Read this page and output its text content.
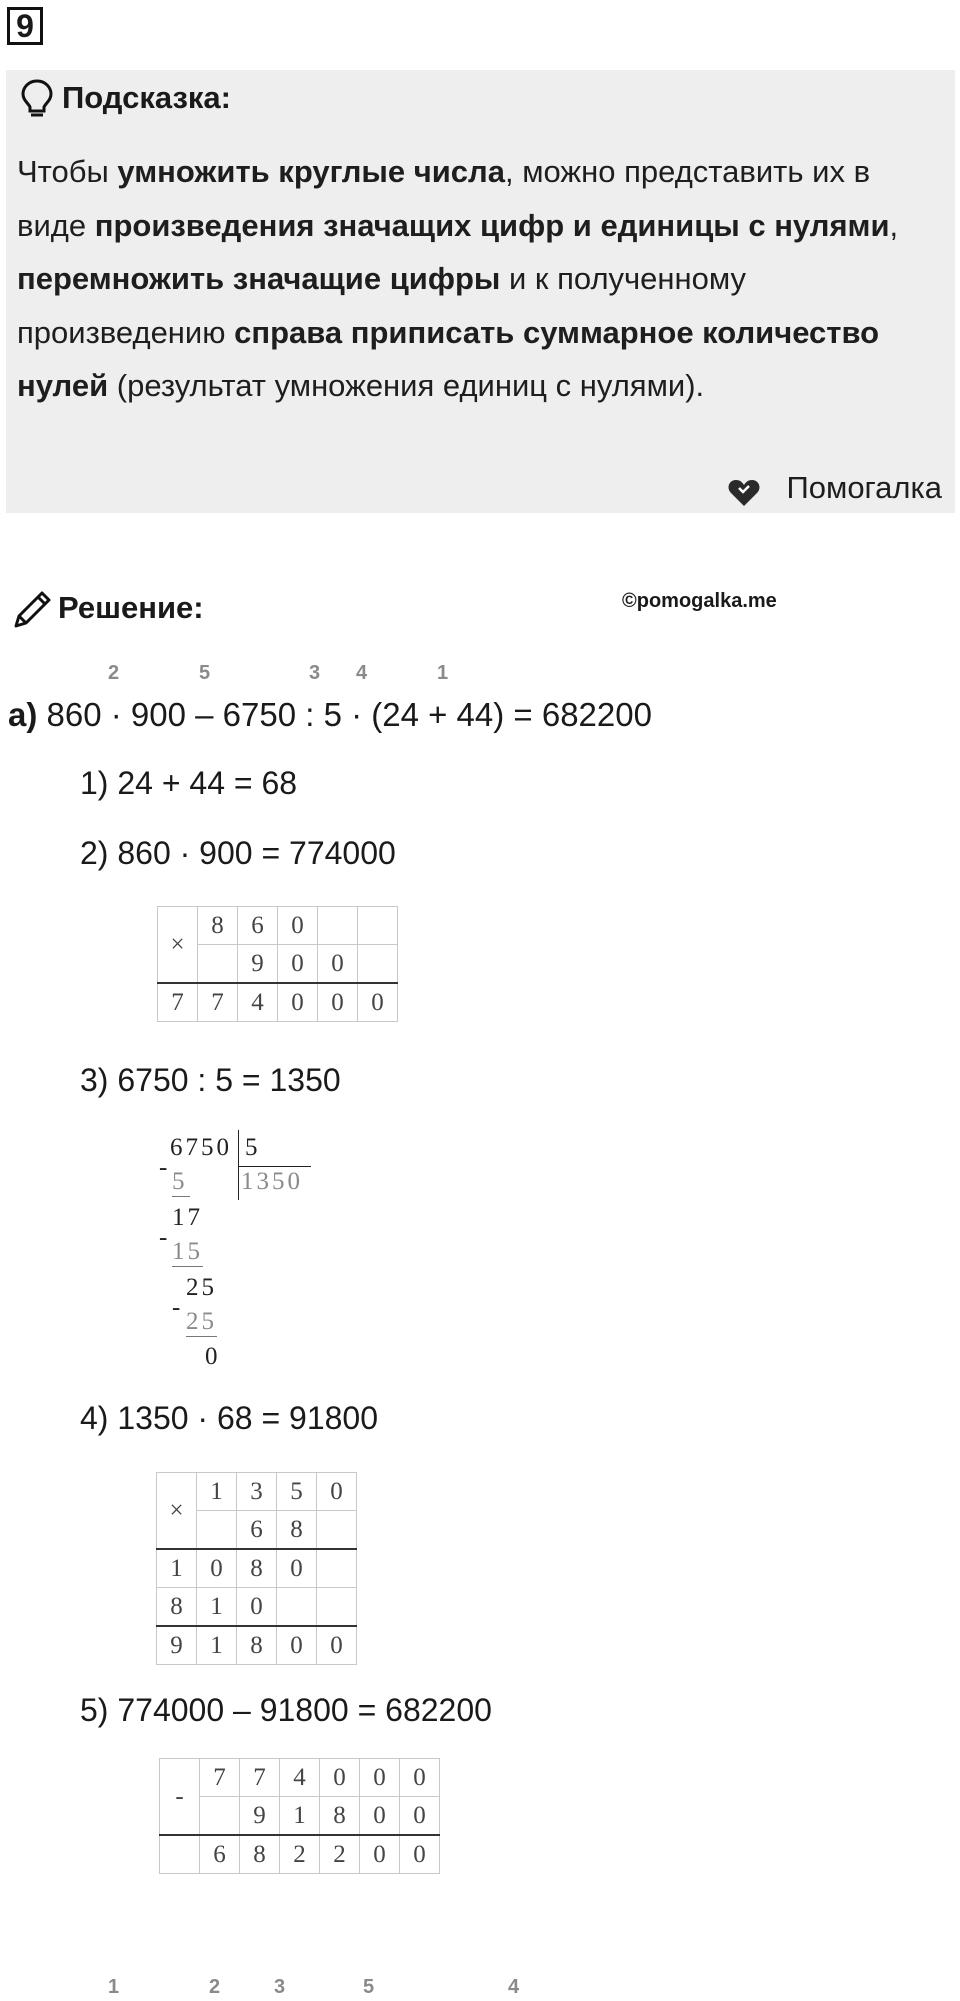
9
Подсказка:
Чтобы умножить круглые числа, можно представить их в виде произведения значащих цифр и единицы с нулями, перемножить значащие цифры и к полученному произведению справа приписать суммарное количество нулей (результат умножения единиц с нулями).
Помогалка
Решение:	©pomogalka.me
2	5	3 4	1
а) 860 · 900 – 6750 : 5 · (24 + 44) = 682200
1) 24 + 44 = 68
2) 860 · 900 = 774000
×	8	6	0		
		9	0	0	
7	7	4	0	0	0
3) 6750 : 5 = 1350
6750 5
1350
-
5
17
-
15
25
-
25
0
4) 1350 · 68 = 91800
×	1	3	5	0
		6	8	
1	0	8	0	
8	1	0		
9	1	8	0	0
5) 774000 – 91800 = 682200
-	7	7	4	0	0	0
		9	1	8	0	0
	6	8	2	2	0	0
1	2	3	5	4
